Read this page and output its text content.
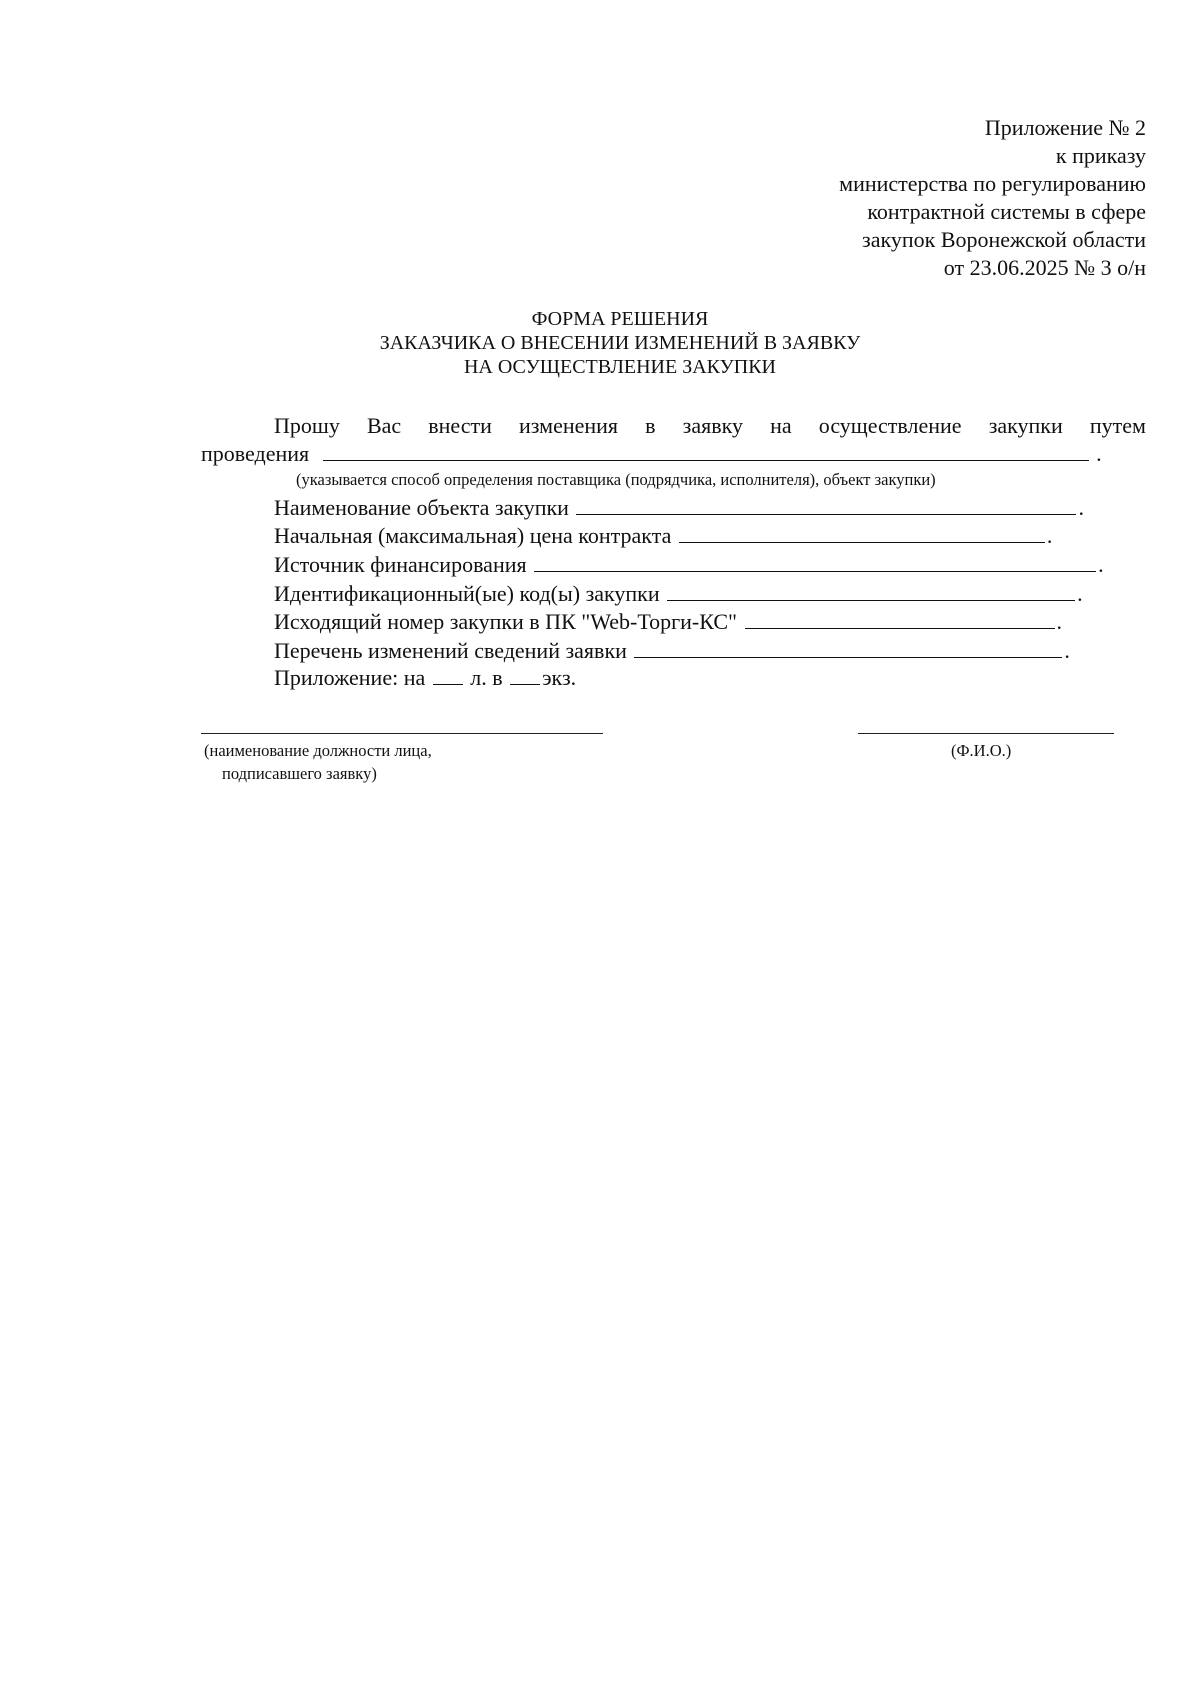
Приложение № 2
к приказу
министерства по регулированию
контрактной системы в сфере
закупок Воронежской области
от 23.06.2025 № 3 о/н
ФОРМА РЕШЕНИЯ
ЗАКАЗЧИКА О ВНЕСЕНИИ ИЗМЕНЕНИЙ В ЗАЯВКУ
НА ОСУЩЕСТВЛЕНИЕ ЗАКУПКИ
Прошу Вас внести изменения в заявку на осуществление закупки путем
проведения	.
(указывается способ определения поставщика (подрядчика, исполнителя), объект закупки)
Наименование объекта закупки	.
Начальная (максимальная) цена контракта	.
Источник финансирования	.
Идентификационный(ые) код(ы) закупки	.
Исходящий номер закупки в ПК "Web-Торги-КС"	.
Перечень изменений сведений заявки	.
Приложение: на л. в экз.
(наименование должности лица,
подписавшего заявку)
(Ф.И.О.)
